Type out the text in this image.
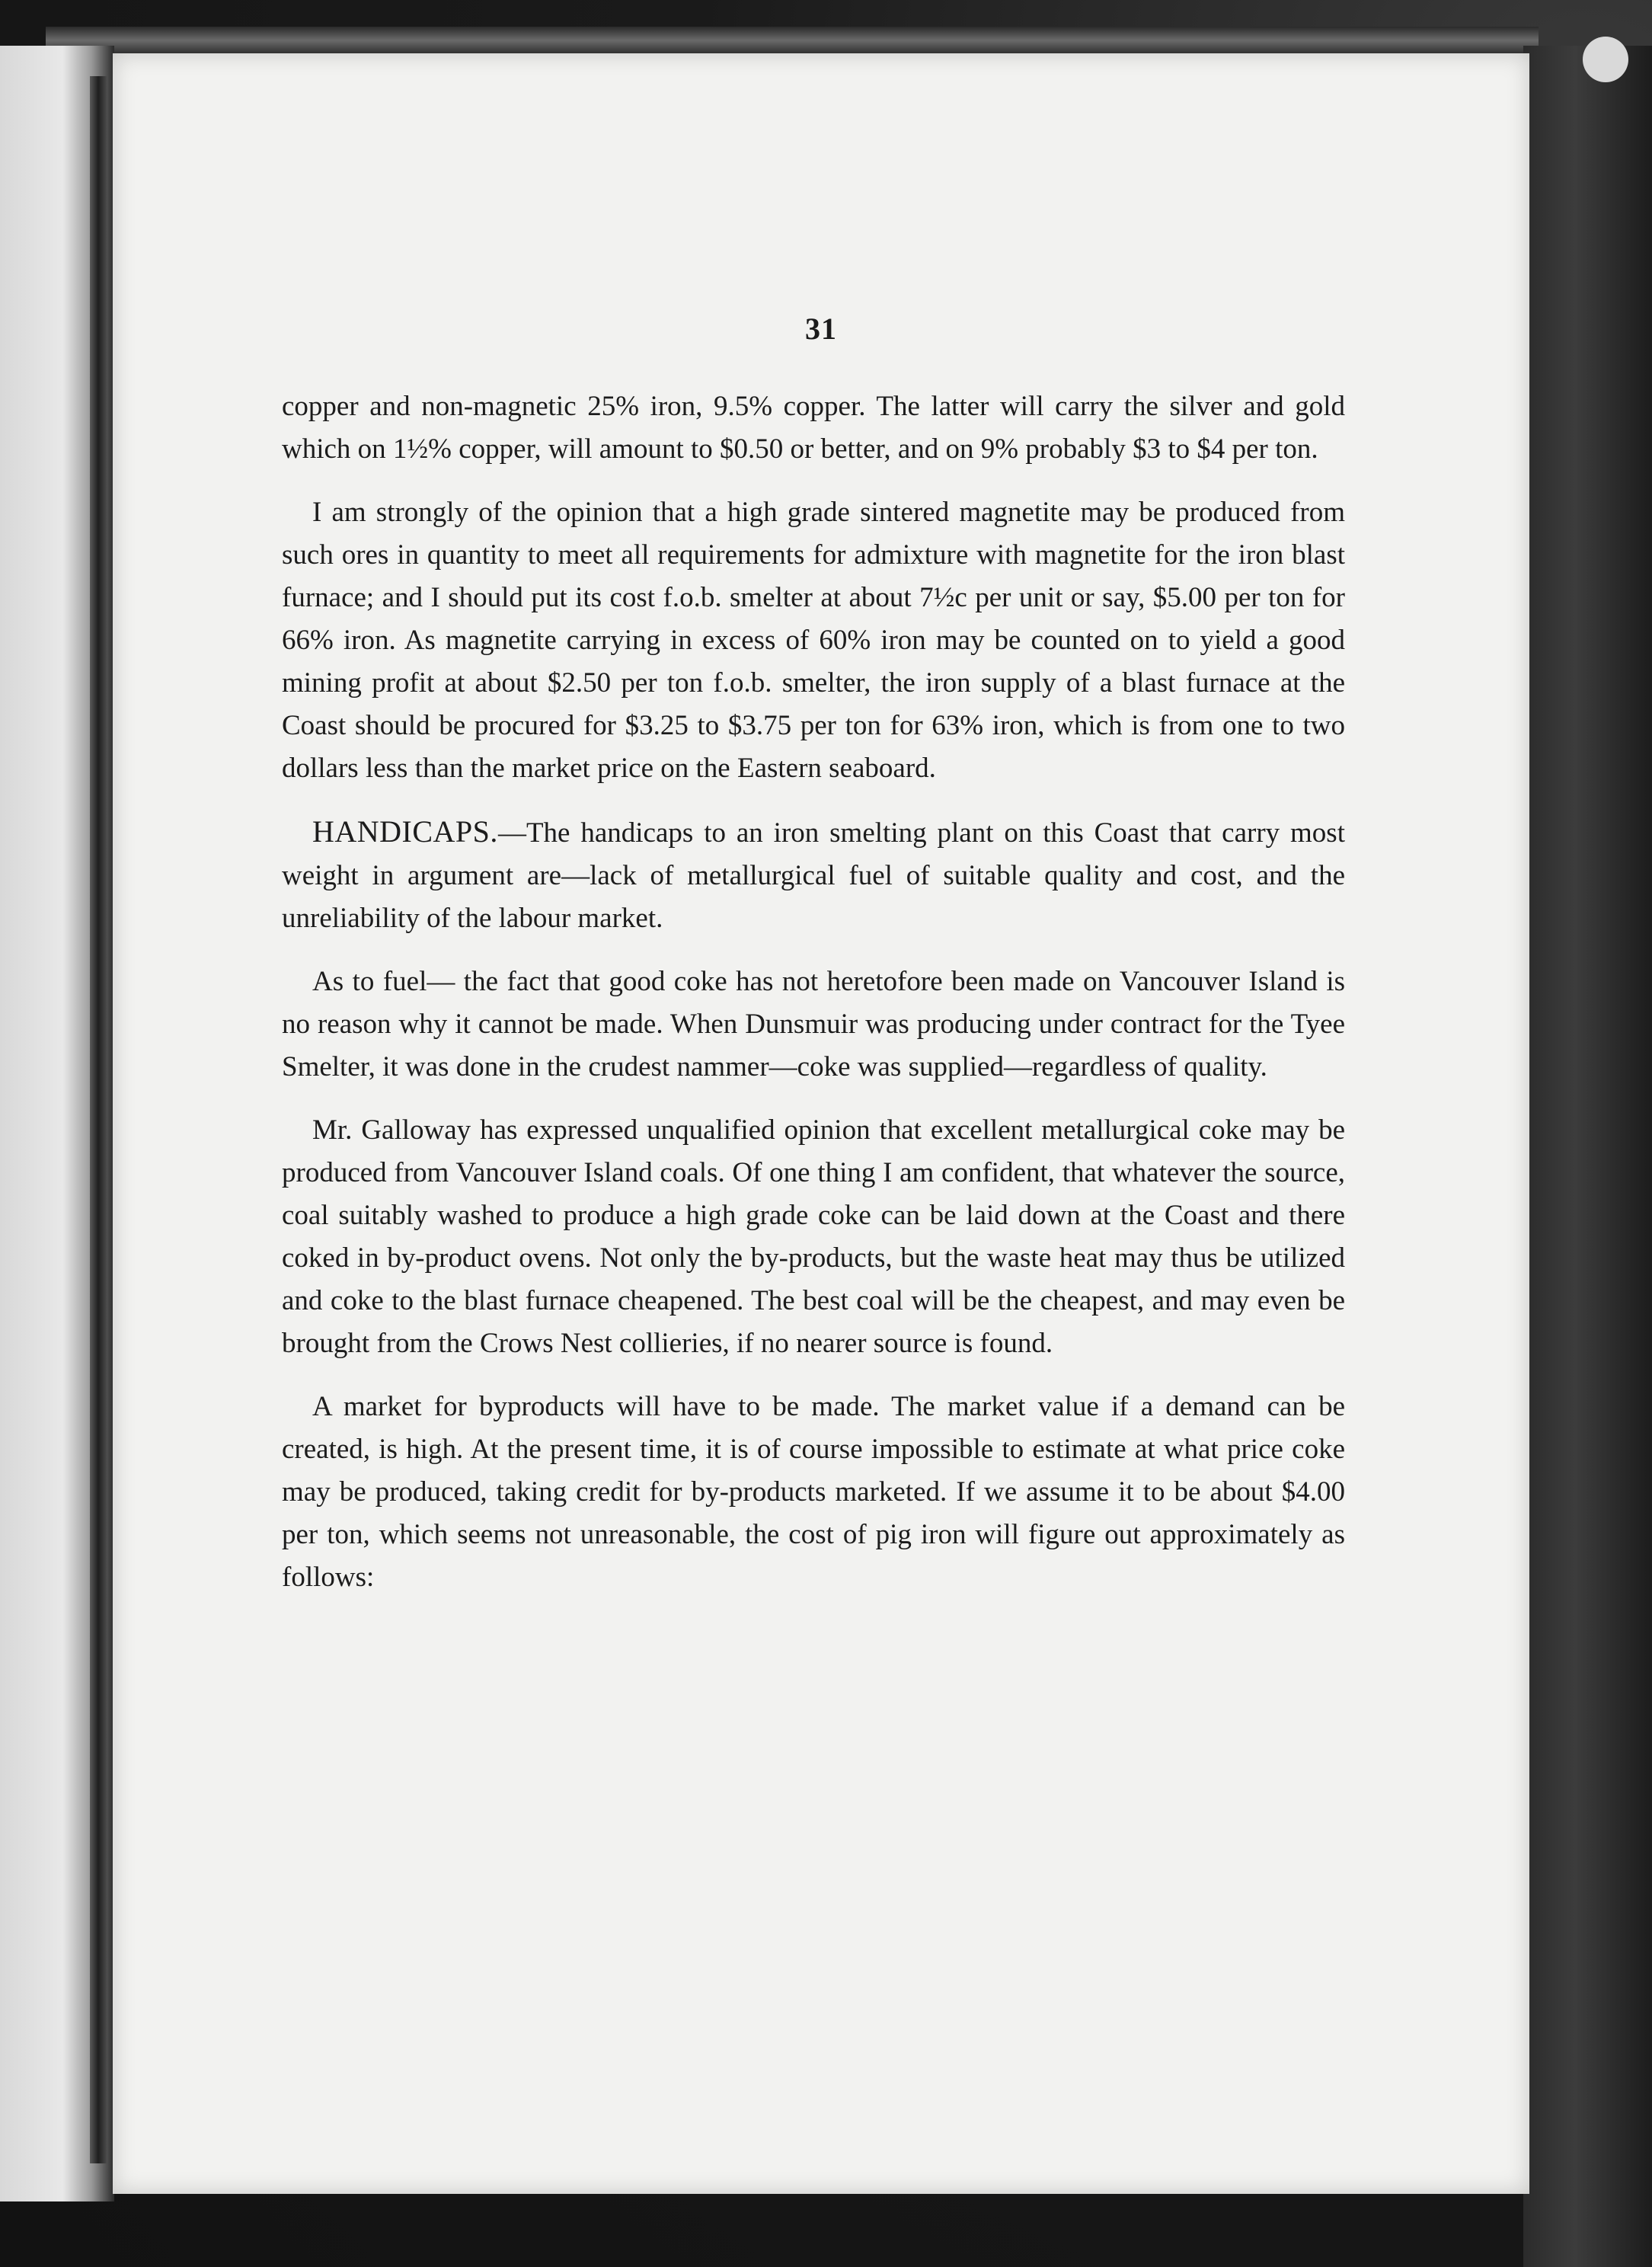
31

copper and non-magnetic 25% iron, 9.5% copper. The latter will carry the silver and gold which on 1½% copper, will amount to $0.50 or better, and on 9% probably $3 to $4 per ton.

I am strongly of the opinion that a high grade sintered magnetite may be produced from such ores in quantity to meet all requirements for admixture with magnetite for the iron blast furnace; and I should put its cost f.o.b. smelter at about 7½c per unit or say, $5.00 per ton for 66% iron. As magnetite carrying in excess of 60% iron may be counted on to yield a good mining profit at about $2.50 per ton f.o.b. smelter, the iron supply of a blast furnace at the Coast should be procured for $3.25 to $3.75 per ton for 63% iron, which is from one to two dollars less than the market price on the Eastern seaboard.

HANDICAPS.—The handicaps to an iron smelting plant on this Coast that carry most weight in argument are—lack of metallurgical fuel of suitable quality and cost, and the unreliability of the labour market.

As to fuel— the fact that good coke has not heretofore been made on Vancouver Island is no reason why it cannot be made. When Dunsmuir was producing under contract for the Tyee Smelter, it was done in the crudest nammer—coke was supplied—regardless of quality.

Mr. Galloway has expressed unqualified opinion that excellent metallurgical coke may be produced from Vancouver Island coals. Of one thing I am confident, that whatever the source, coal suitably washed to produce a high grade coke can be laid down at the Coast and there coked in by-product ovens. Not only the by-products, but the waste heat may thus be utilized and coke to the blast furnace cheapened. The best coal will be the cheapest, and may even be brought from the Crows Nest collieries, if no nearer source is found.

A market for byproducts will have to be made. The market value if a demand can be created, is high. At the present time, it is of course impossible to estimate at what price coke may be produced, taking credit for by-products marketed. If we assume it to be about $4.00 per ton, which seems not unreasonable, the cost of pig iron will figure out approximately as follows:
